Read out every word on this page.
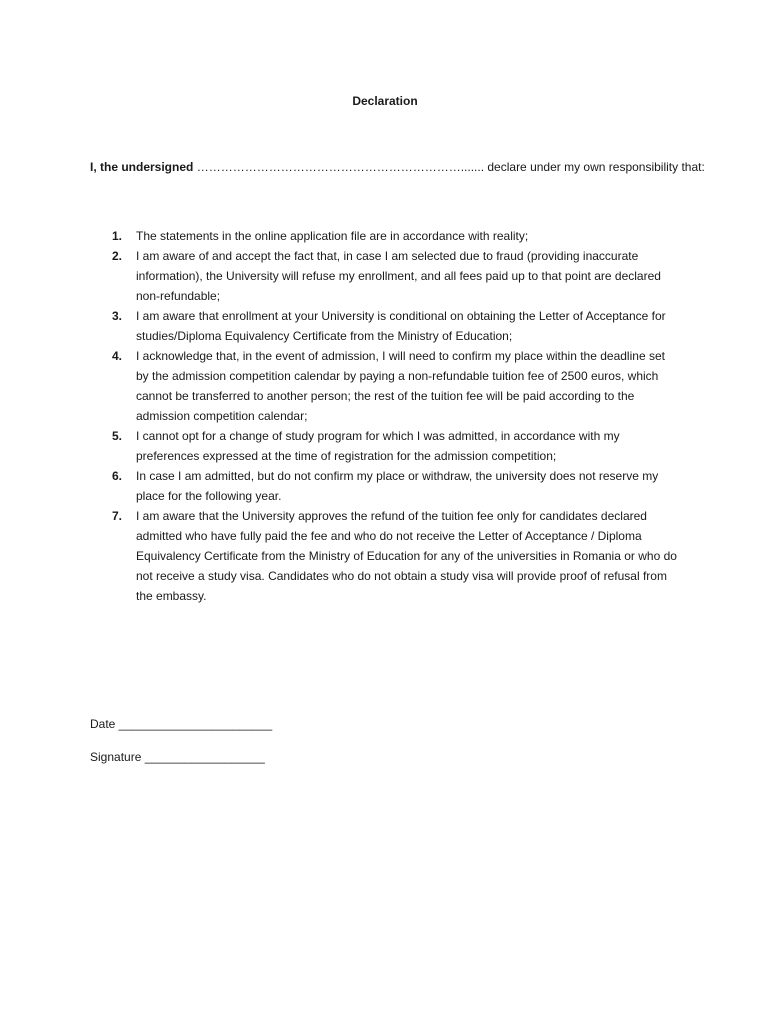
Declaration
I, the undersigned …………………………………………………………....... declare under my own responsibility that:
1. The statements in the online application file are in accordance with reality;
2. I am aware of and accept the fact that, in case I am selected due to fraud (providing inaccurate information), the University will refuse my enrollment, and all fees paid up to that point are declared non-refundable;
3. I am aware that enrollment at your University is conditional on obtaining the Letter of Acceptance for studies/Diploma Equivalency Certificate from the Ministry of Education;
4. I acknowledge that, in the event of admission, I will need to confirm my place within the deadline set by the admission competition calendar by paying a non-refundable tuition fee of 2500 euros, which cannot be transferred to another person; the rest of the tuition fee will be paid according to the admission competition calendar;
5. I cannot opt for a change of study program for which I was admitted, in accordance with my preferences expressed at the time of registration for the admission competition;
6. In case I am admitted, but do not confirm my place or withdraw, the university does not reserve my place for the following year.
7. I am aware that the University approves the refund of the tuition fee only for candidates declared admitted who have fully paid the fee and who do not receive the Letter of Acceptance / Diploma Equivalency Certificate from the Ministry of Education for any of the universities in Romania or who do not receive a study visa. Candidates who do not obtain a study visa will provide proof of refusal from the embassy.
Date _______________________
Signature __________________
